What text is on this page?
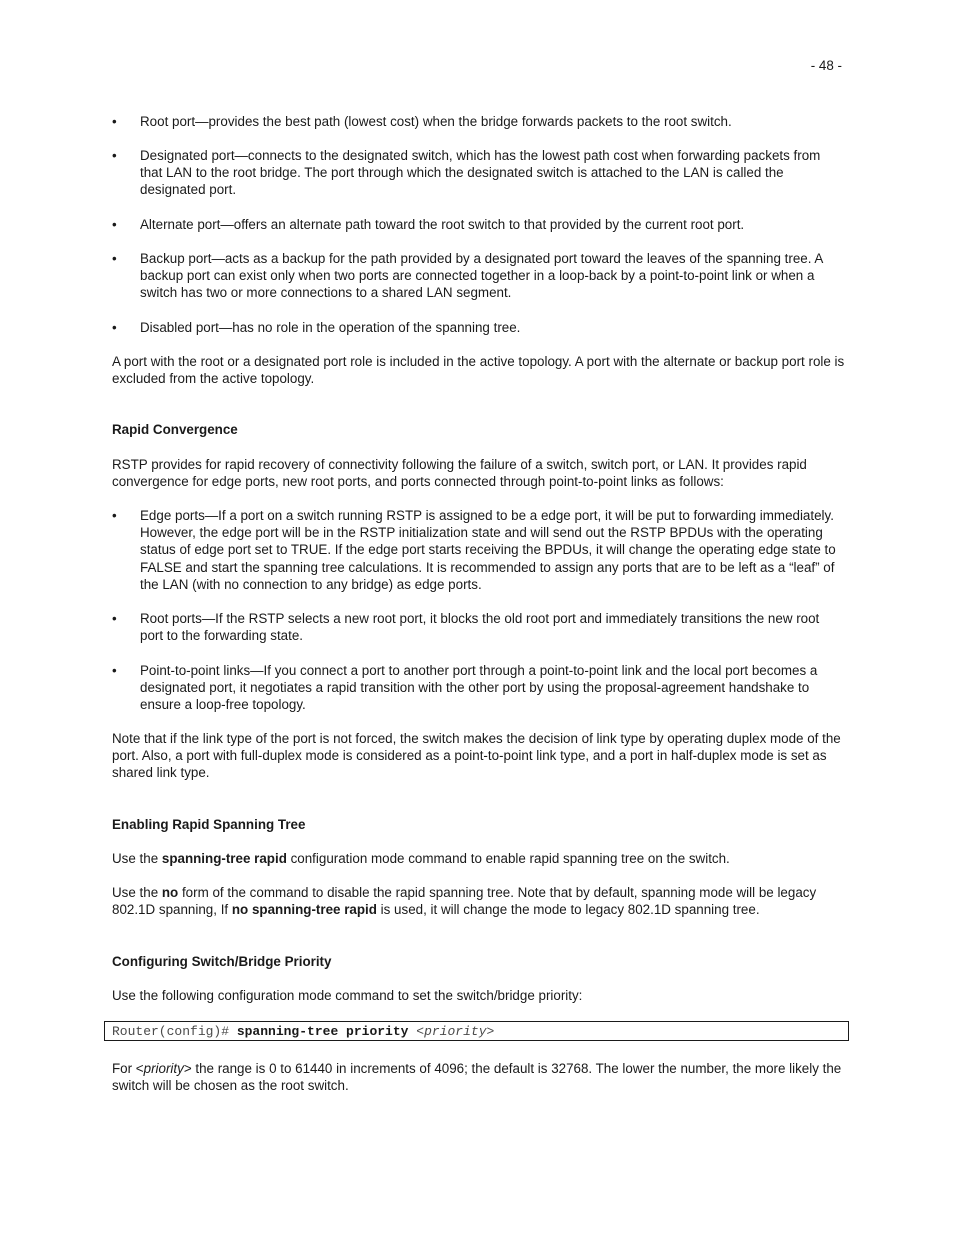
- 48 -
•	Root port—provides the best path (lowest cost) when the bridge forwards packets to the root switch.
•	Designated port—connects to the designated switch, which has the lowest path cost when forwarding packets from that LAN to the root bridge. The port through which the designated switch is attached to the LAN is called the designated port.
•	Alternate port—offers an alternate path toward the root switch to that provided by the current root port.
•	Backup port—acts as a backup for the path provided by a designated port toward the leaves of the spanning tree. A backup port can exist only when two ports are connected together in a loop-back by a point-to-point link or when a switch has two or more connections to a shared LAN segment.
•	Disabled port—has no role in the operation of the spanning tree.

A port with the root or a designated port role is included in the active topology. A port with the alternate or backup port role is excluded from the active topology.

Rapid Convergence

RSTP provides for rapid recovery of connectivity following the failure of a switch, switch port, or LAN. It provides rapid convergence for edge ports, new root ports, and ports connected through point-to-point links as follows:

•	Edge ports—If a port on a switch running RSTP is assigned to be a edge port, it will be put to forwarding immediately. However, the edge port will be in the RSTP initialization state and will send out the RSTP BPDUs with the operating status of edge port set to TRUE. If the edge port starts receiving the BPDUs, it will change the operating edge state to FALSE and start the spanning tree calculations. It is recommended to assign any ports that are to be left as a “leaf” of the LAN (with no connection to any bridge) as edge ports.
•	Root ports—If the RSTP selects a new root port, it blocks the old root port and immediately transitions the new root port to the forwarding state.
•	Point-to-point links—If you connect a port to another port through a point-to-point link and the local port becomes a designated port, it negotiates a rapid transition with the other port by using the proposal-agreement handshake to ensure a loop-free topology.

Note that if the link type of the port is not forced, the switch makes the decision of link type by operating duplex mode of the port. Also, a port with full-duplex mode is considered as a point-to-point link type, and a port in half-duplex mode is set as shared link type.

Enabling Rapid Spanning Tree

Use the spanning-tree rapid configuration mode command to enable rapid spanning tree on the switch.

Use the no form of the command to disable the rapid spanning tree. Note that by default, spanning mode will be legacy 802.1D spanning, If no spanning-tree rapid is used, it will change the mode to legacy 802.1D spanning tree.

Configuring Switch/Bridge Priority

Use the following configuration mode command to set the switch/bridge priority:

Router(config)# spanning-tree priority <priority>

For <priority> the range is 0 to 61440 in increments of 4096; the default is 32768. The lower the number, the more likely the switch will be chosen as the root switch.
